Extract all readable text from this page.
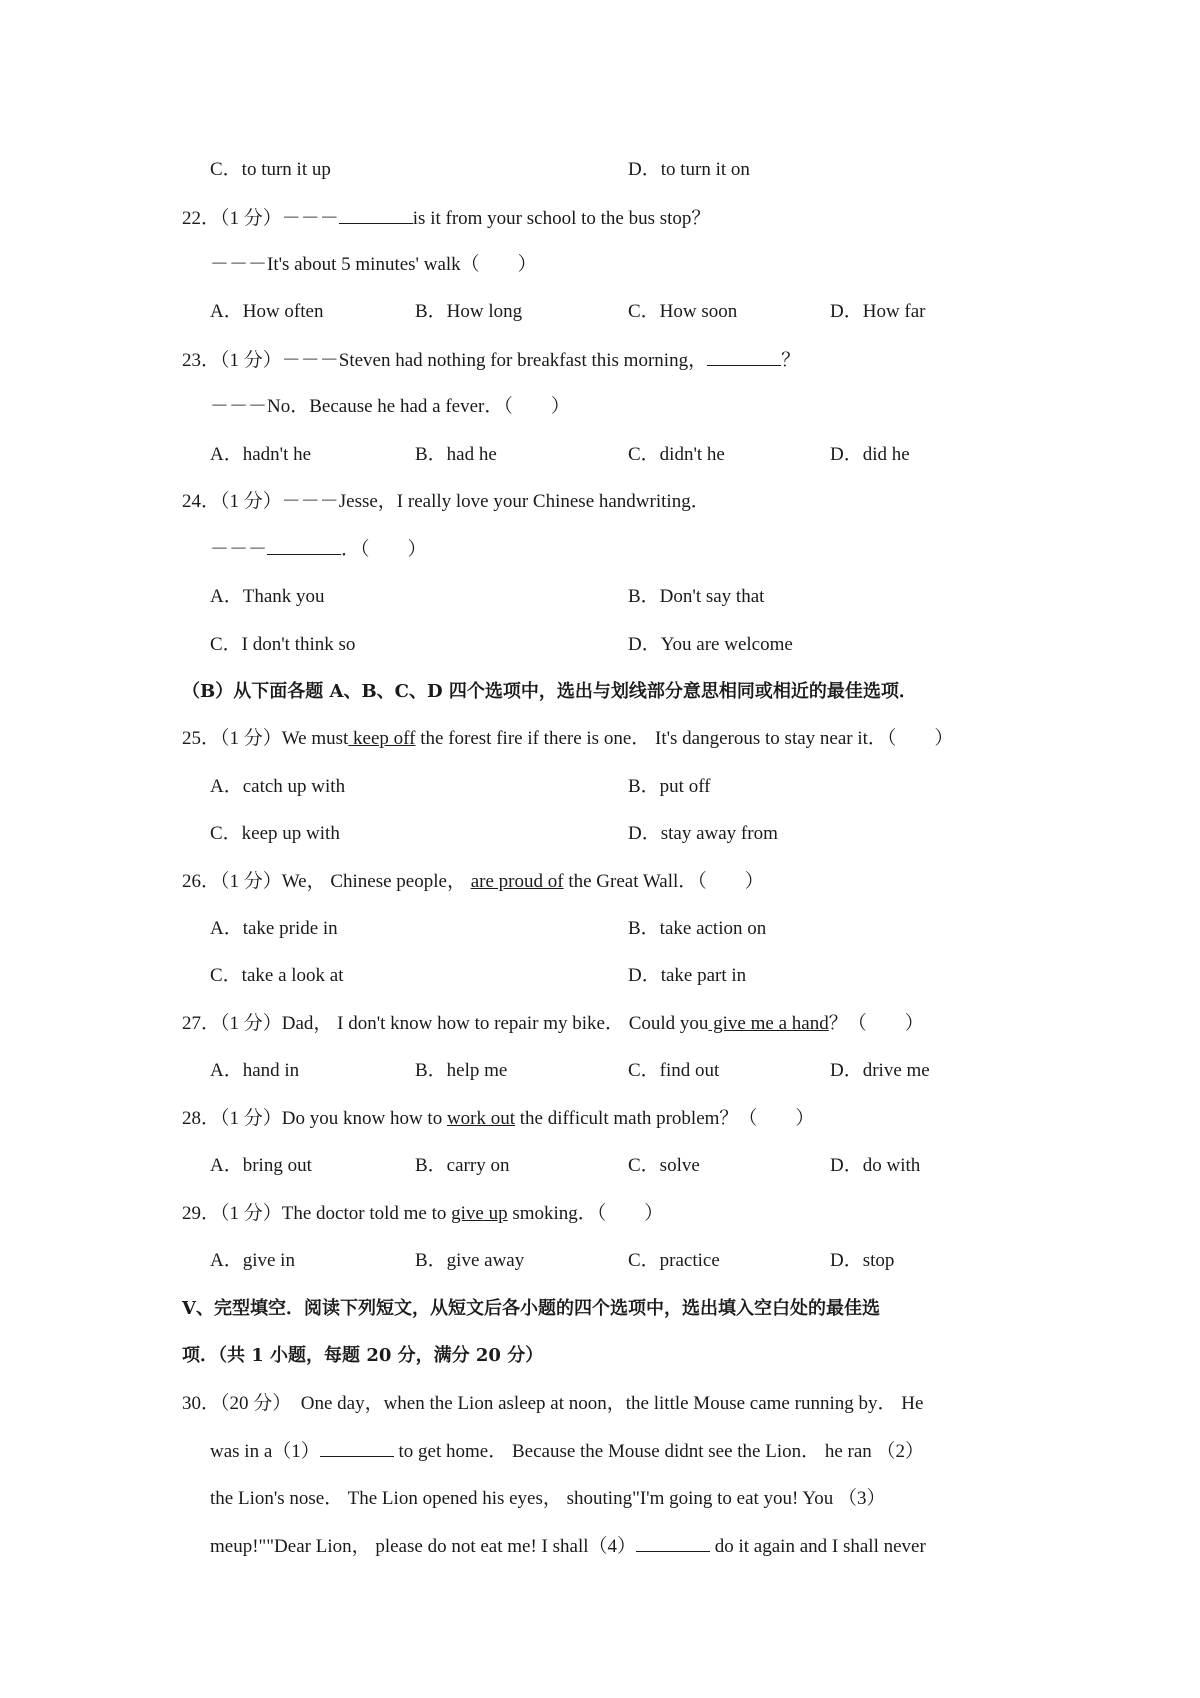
C．to turn it up	D．to turn it on
22．（1 分）－－－	is it from your school to the bus stop？
－－－It's about 5 minutes' walk（　　）
A．How often	B．How long	C．How soon	D．How far
23．（1 分）－－－Steven had nothing for breakfast this morning，	？
－－－No．Because he had a fever．（　　）
A．hadn't he	B．had he	C．didn't he	D．did he
24．（1 分）－－－Jesse，I really love your Chinese handwriting．
－－－	．（　　）
A．Thank you	B．Don't say that
C．I don't think so	D．You are welcome
（B）从下面各题 A、B、C、D 四个选项中，选出与划线部分意思相同或相近的最佳选项．
25．（1 分）We must keep off the forest fire if there is one． It's dangerous to stay near it．（　　）
A．catch up with	B．put off
C．keep up with	D．stay away from
26．（1 分）We， Chinese people， are proud of the Great Wall．（　　）
A．take pride in	B．take action on
C．take a look at	D．take part in
27．（1 分）Dad， I don't know how to repair my bike． Could you give me a hand？（　　）
A．hand in	B．help me	C．find out	D．drive me
28．（1 分）Do you know how to work out the difficult math problem？（　　）
A．bring out	B．carry on	C．solve	D．do with
29．（1 分）The doctor told me to give up smoking．（　　）
A．give in	B．give away	C．practice	D．stop
V、完型填空．阅读下列短文，从短文后各小题的四个选项中，选出填入空白处的最佳选
项．（共 1 小题，每题 20 分，满分 20 分）
30．（20 分）　One day，when the Lion asleep at noon，the little Mouse came running by． He
was in a（1）	to get home． Because the Mouse didnt see the Lion． he ran （2）
the Lion's nose． The Lion opened his eyes， shouting"I'm going to eat you! You （3）
meup!""Dear Lion， please do not eat me! I shall（4）	do it again and I shall never
